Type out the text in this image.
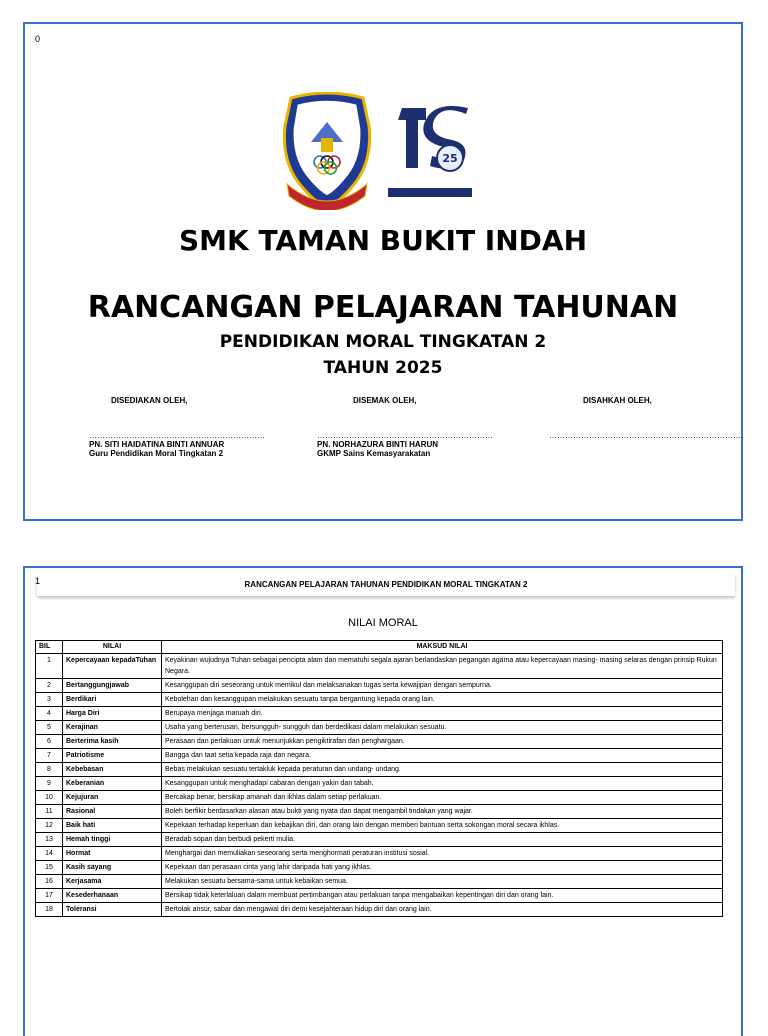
0
25
SMK TAMAN BUKIT INDAH
RANCANGAN PELAJARAN TAHUNAN
PENDIDIKAN MORAL TINGKATAN 2
TAHUN 2025
DISEDIAKAN OLEH,
…………………………………………………………
PN. SITI HAIDATINA BINTI ANNUAR
Guru Pendidikan Moral Tingkatan 2
DISEMAK OLEH,
…………………………………………………………
PN. NORHAZURA BINTI HARUN
GKMP Sains Kemasyarakatan
DISAHKAH OLEH,
……………………………………………………………….
1	RANCANGAN PELAJARAN TAHUNAN PENDIDIKAN MORAL TINGKATAN 2
NILAI MORAL
BIL	NILAI	MAKSUD NILAI
1	Kepercayaan kepadaTuhan	Keyakinan wujudnya Tuhan sebagai pencipta alam dan mematuhi segala ajaran berlandaskan pegangan agama atau kepercayaan masing- masing selaras dengan prinsip Rukun Negara.
2	Bertanggungjawab	Kesanggupan diri seseorang untuk memikul dan melaksanakan tugas serta kewajipan dengan sempurna.
3	Berdikari	Kebolehan dan kesanggupan melakukan sesuatu tanpa bergantung kepada orang lain.
4	Harga Diri	Berupaya menjaga maruah diri.
5	Kerajinan	Usaha yang berterusan, bersungguh- sungguh dan berdedikasi dalam melakukan sesuatu.
6	Berterima kasih	Perasaan dan perlakuan untuk menunjukkan pengiktirafan dan penghargaan.
7	Patriotisme	Bangga dan taat setia kepada raja dan negara.
8	Kebebasan	Bebas melakukan sesuatu tertakluk kepada peraturan dan undang- undang.
9	Keberanian	Kesanggupan untuk menghadapi cabaran dengan yakin dan tabah.
10	Kejujuran	Bercakap benar, bersikap amanah dan ikhlas dalam setiap perlakuan.
11	Rasional	Boleh berfikir berdasarkan alasan atau bukti yang nyata dan dapat mengambil tindakan yang wajar.
12	Baik hati	Kepekaan terhadap keperluan dan kebajikan diri, dan orang lain dengan memberi bantuan serta sokongan moral secara ikhlas.
13	Hemah tinggi	Beradab sopan dan berbudi pekerti mulia.
14	Hormat	Menghargai dan memuliakan seseorang serta menghormati peraturan institusi sosial.
15	Kasih sayang	Kepekaan dan perasaan cinta yang lahir daripada hati yang ikhlas.
16	Kerjasama	Melakukan sesuatu bersama-sama untuk kebaikan semua.
17	Kesederhanaan	Bersikap tidak keterlaluan dalam membuat pertimbangan atau perlakuan tanpa mengabaikan kepentingan diri dan orang lain.
18	Toleransi	Bertolak ansur, sabar dan mengawal diri demi kesejahteraan hidup diri dan orang lain.
